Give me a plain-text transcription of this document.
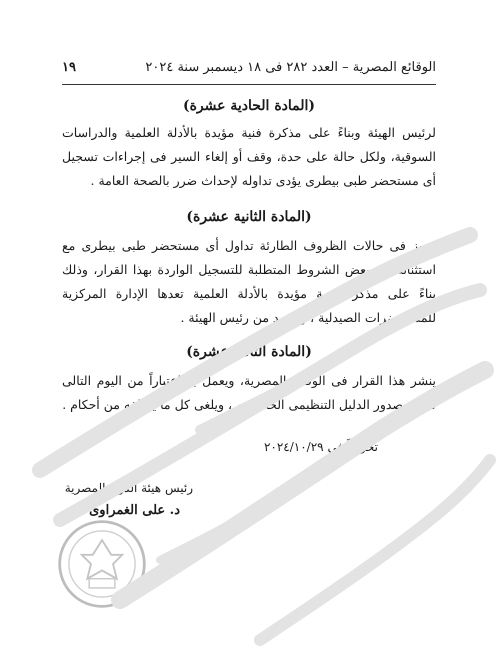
الوقائع المصرية – العدد ٢٨٢ فى ١٨ ديسمبر سنة ٢٠٢٤
١٩
(المادة الحادية عشرة)
لرئيس الهيئة وبناءً على مذكرة فنية مؤيدة بالأدلة العلمية والدراسات السوقية، ولكل حالة على حدة، وقف أو إلغاء السير فى إجراءات تسجيل أى مستحضر طبى بيطرى يؤدى تداوله لإحداث ضرر بالصحة العامة .
(المادة الثانية عشرة)
يجوز فى حالات الظروف الطارئة تداول أى مستحضر طبى بيطرى مع استثنائه من بعض الشروط المتطلبة للتسجيل الواردة بهذا القرار، وذلك بناءً على مذكرة فنية مؤيدة بالأدلة العلمية تعدها الإدارة المركزية للمستحضرات الصيدلية ، وتعتمد من رئيس الهيئة .
(المادة الثالثة عشرة)
ينشر هذا القرار فى الوقائع المصرية، ويعمل به اعتباراً من اليوم التالى لتاريخ صدور الدليل التنظيمى الخاص به ، ويلغى كل ما يخالفه من أحكام .
تحريراً فى ٢٠٢٤/١٠/٢٩
رئيس هيئة الدواء المصرية
د. على الغمراوى
